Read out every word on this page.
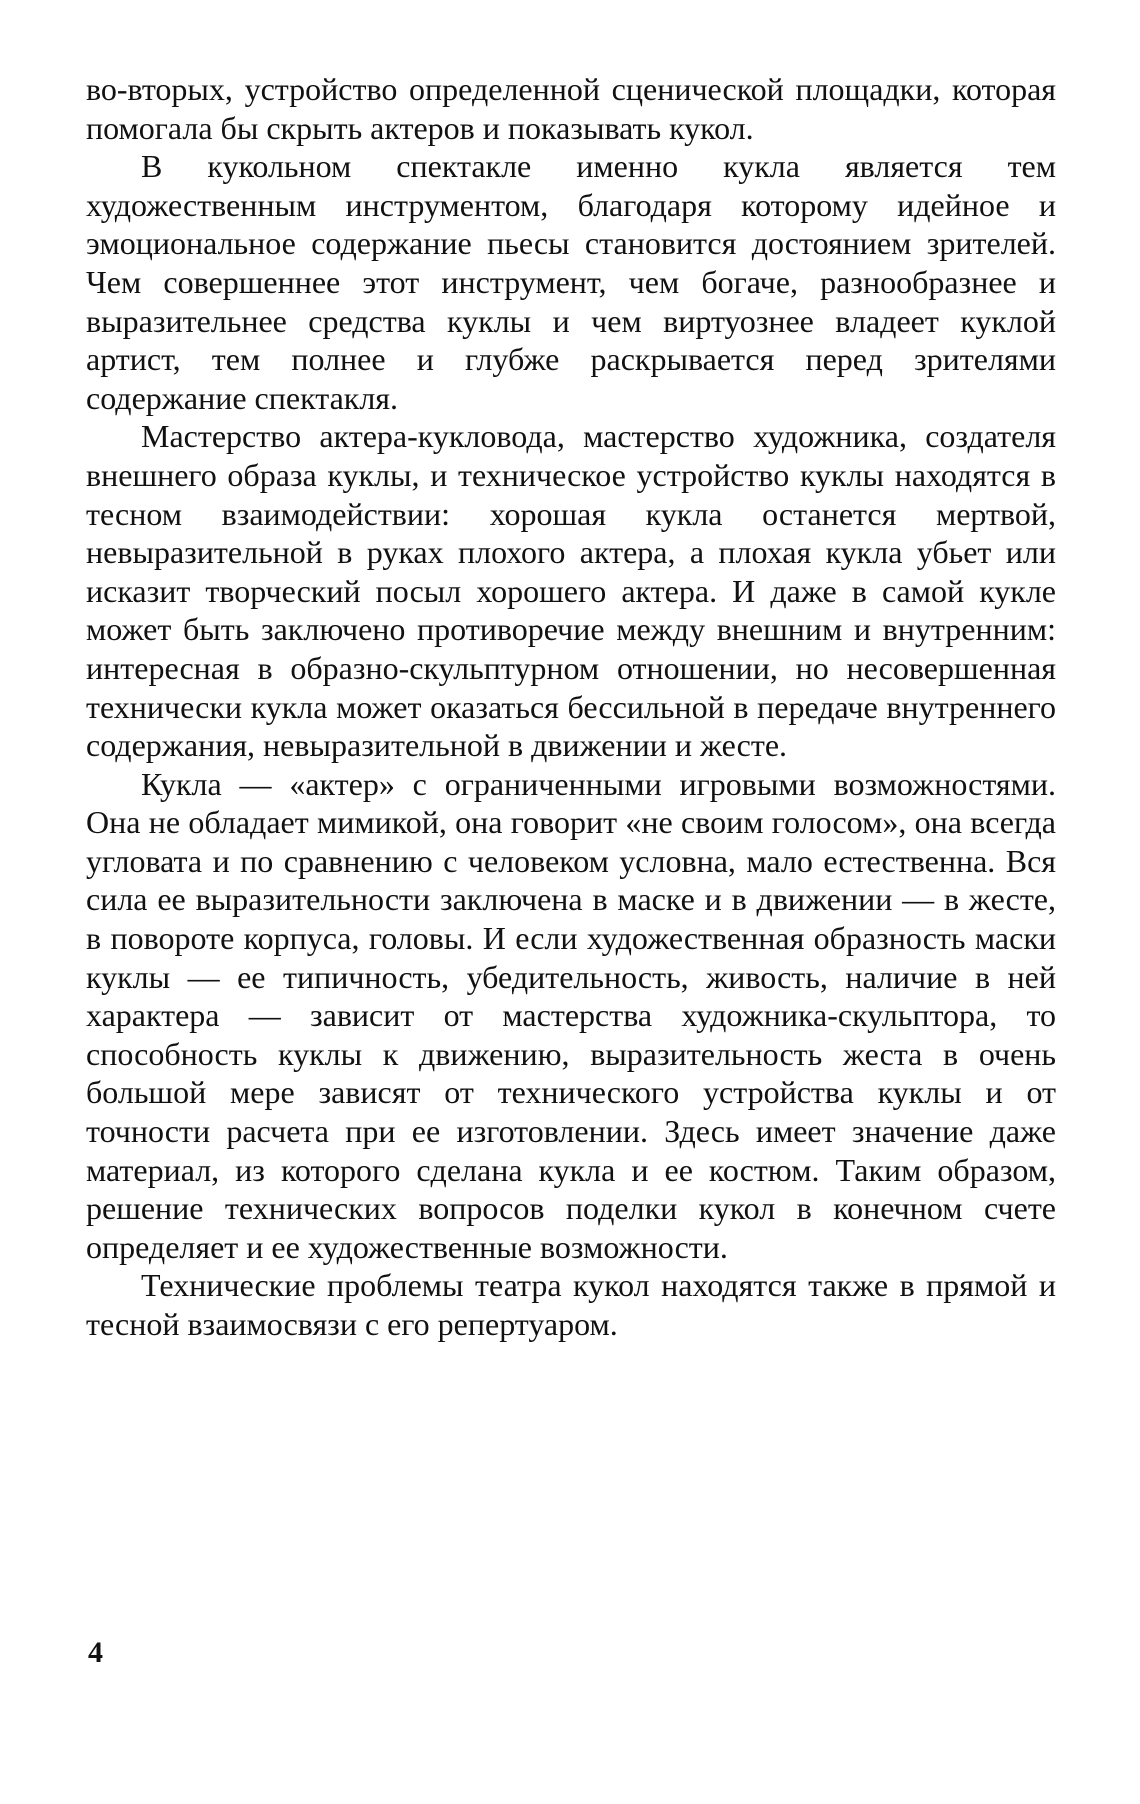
во-вторых, устройство определенной сценической площадки, которая помогала бы скрыть актеров и показывать кукол.

В кукольном спектакле именно кукла является тем художественным инструментом, благодаря которому идейное и эмоциональное содержание пьесы становится достоянием зрителей. Чем совершеннее этот инструмент, чем богаче, разнообразнее и выразительнее средства куклы и чем виртуознее владеет куклой артист, тем полнее и глубже раскрывается перед зрителями содержание спектакля.

Мастерство актера-кукловода, мастерство художника, создателя внешнего образа куклы, и техническое устройство куклы находятся в тесном взаимодействии: хорошая кукла останется мертвой, невыразительной в руках плохого актера, а плохая кукла убьет или исказит творческий посыл хорошего актера. И даже в самой кукле может быть заключено противоречие между внешним и внутренним: интересная в образно-скульптурном отношении, но несовершенная технически кукла может оказаться бессильной в передаче внутреннего содержания, невыразительной в движении и жесте.

Кукла — «актер» с ограниченными игровыми возможностями. Она не обладает мимикой, она говорит «не своим голосом», она всегда угловата и по сравнению с человеком условна, мало естественна. Вся сила ее выразительности заключена в маске и в движении — в жесте, в повороте корпуса, головы. И если художественная образность маски куклы — ее типичность, убедительность, живость, наличие в ней характера — зависит от мастерства художника-скульптора, то способность куклы к движению, выразительность жеста в очень большой мере зависят от технического устройства куклы и от точности расчета при ее изготовлении. Здесь имеет значение даже материал, из которого сделана кукла и ее костюм. Таким образом, решение технических вопросов поделки кукол в конечном счете определяет и ее художественные возможности.

Технические проблемы театра кукол находятся также в прямой и тесной взаимосвязи с его репертуаром.

4
